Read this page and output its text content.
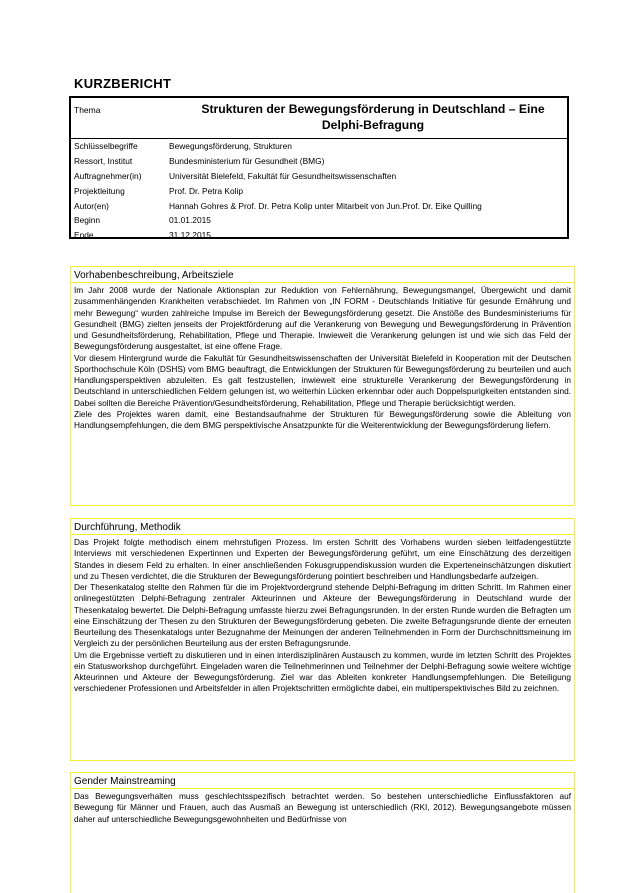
KURZBERICHT
Thema	Strukturen der Bewegungsförderung in Deutschland – Eine
Delphi-Befragung
Schlüsselbegriffe	Bewegungsförderung, Strukturen
Ressort, Institut	Bundesministerium für Gesundheit (BMG)
Auftragnehmer(in)	Universität Bielefeld, Fakultät für Gesundheitswissenschaften
Projektleitung	Prof. Dr. Petra Kolip
Autor(en)	Hannah Gohres & Prof. Dr. Petra Kolip unter Mitarbeit von Jun.Prof. Dr. Eike Quilling
Beginn	01.01.2015
Ende	31.12.2015
Vorhabenbeschreibung, Arbeitsziele

Im Jahr 2008 wurde der Nationale Aktionsplan zur Reduktion von Fehlernährung, Bewegungsmangel, Übergewicht und damit zusammenhängenden Krankheiten verabschiedet. Im Rahmen von „IN FORM - Deutschlands Initiative für gesunde Ernährung und mehr Bewegung“ wurden zahlreiche Impulse im Bereich der Bewegungsförderung gesetzt. Die Anstöße des Bundesministeriums für Gesundheit (BMG) zielten jenseits der Projektförderung auf die Verankerung von Bewegung und Bewegungsförderung in Prävention und Gesundheitsförderung, Rehabilitation, Pflege und Therapie. Inwieweit die Verankerung gelungen ist und wie sich das Feld der Bewegungsförderung ausgestaltet, ist eine offene Frage.

Vor diesem Hintergrund wurde die Fakultät für Gesundheitswissenschaften der Universität Bielefeld in Kooperation mit der Deutschen Sporthochschule Köln (DSHS) vom BMG beauftragt, die Entwicklungen der Strukturen für Bewegungsförderung zu beurteilen und auch Handlungsperspektiven abzuleiten. Es galt festzustellen, inwieweit eine strukturelle Verankerung der Bewegungsförderung in Deutschland in unterschiedlichen Feldern gelungen ist, wo weiterhin Lücken erkennbar oder auch Doppelspurigkeiten entstanden sind. Dabei sollten die Bereiche Prävention/Gesundheitsförderung, Rehabilitation, Pflege und Therapie berücksichtigt werden.

Ziele des Projektes waren damit, eine Bestandsaufnahme der Strukturen für Bewegungsförderung sowie die Ableitung von Handlungsempfehlungen, die dem BMG perspektivische Ansatzpunkte für die Weiterentwicklung der Bewegungsförderung liefern.

Durchführung, Methodik

Das Projekt folgte methodisch einem mehrstufigen Prozess. Im ersten Schritt des Vorhabens wurden sieben leitfadengestützte Interviews mit verschiedenen Expertinnen und Experten der Bewegungsförderung geführt, um eine Einschätzung des derzeitigen Standes in diesem Feld zu erhalten. In einer anschließenden Fokusgruppendiskussion wurden die Experteneinschätzungen diskutiert und zu Thesen verdichtet, die die Strukturen der Bewegungsförderung pointiert beschreiben und Handlungsbedarfe aufzeigen.

Der Thesenkatalog stellte den Rahmen für die im Projektvordergrund stehende Delphi-Befragung im dritten Schritt. Im Rahmen einer onlinegestützten Delphi-Befragung zentraler Akteurinnen und Akteure der Bewegungsförderung in Deutschland wurde der Thesenkatalog bewertet. Die Delphi-Befragung umfasste hierzu zwei Befragungsrunden. In der ersten Runde wurden die Befragten um eine Einschätzung der Thesen zu den Strukturen der Bewegungsförderung gebeten. Die zweite Befragungsrunde diente der erneuten Beurteilung des Thesenkatalogs unter Bezugnahme der Meinungen der anderen Teilnehmenden in Form der Durchschnittsmeinung im Vergleich zu der persönlichen Beurteilung aus der ersten Befragungsrunde.

Um die Ergebnisse vertieft zu diskutieren und in einen interdisziplinären Austausch zu kommen, wurde im letzten Schritt des Projektes ein Statusworkshop durchgeführt. Eingeladen waren die Teilnehmerinnen und Teilnehmer der Delphi-Befragung sowie weitere wichtige Akteurinnen und Akteure der Bewegungsförderung. Ziel war das Ableiten konkreter Handlungsempfehlungen. Die Beteiligung verschiedener Professionen und Arbeitsfelder in allen Projektschritten ermöglichte dabei, ein multiperspektivisches Bild zu zeichnen.

Gender Mainstreaming

Das Bewegungsverhalten muss geschlechtsspezifisch betrachtet werden. So bestehen unterschiedliche Einflussfaktoren auf Bewegung für Männer und Frauen, auch das Ausmaß an Bewegung ist unterschiedlich (RKI, 2012). Bewegungsangebote müssen daher auf unterschiedliche Bewegungsgewohnheiten und Bedürfnisse von
